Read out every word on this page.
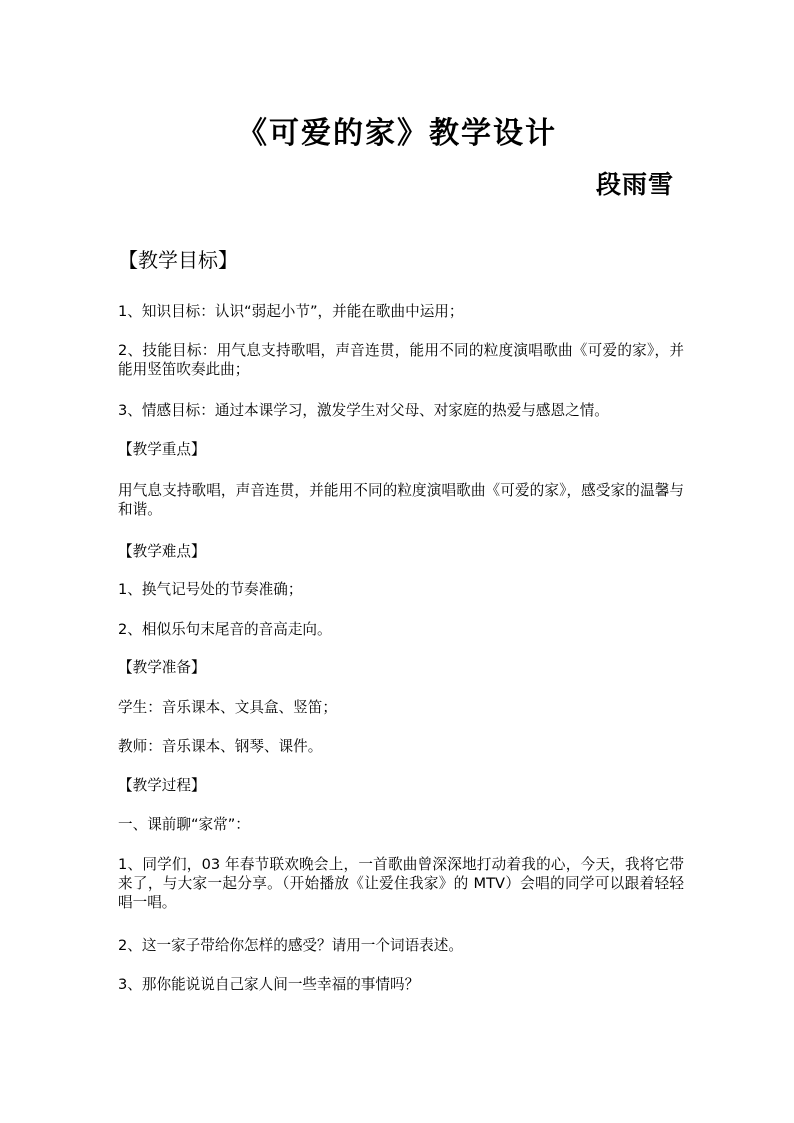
《可爱的家》教学设计
段雨雪
【教学目标】
1、知识目标：认识“弱起小节”，并能在歌曲中运用；
2、技能目标：用气息支持歌唱，声音连贯，能用不同的粒度演唱歌曲《可爱的家》，并能用竖笛吹奏此曲；
3、情感目标：通过本课学习，激发学生对父母、对家庭的热爱与感恩之情。
【教学重点】
用气息支持歌唱，声音连贯，并能用不同的粒度演唱歌曲《可爱的家》，感受家的温馨与和谐。
【教学难点】
1、换气记号处的节奏准确；
2、相似乐句末尾音的音高走向。
【教学准备】
学生：音乐课本、文具盒、竖笛；
教师：音乐课本、钢琴、课件。
【教学过程】
一、课前聊“家常”：
1、同学们，03 年春节联欢晚会上，一首歌曲曾深深地打动着我的心，今天，我将它带来了，与大家一起分享。（开始播放《让爱住我家》的 MTV）会唱的同学可以跟着轻轻唱一唱。
2、这一家子带给你怎样的感受？请用一个词语表述。
3、那你能说说自己家人间一些幸福的事情吗？
